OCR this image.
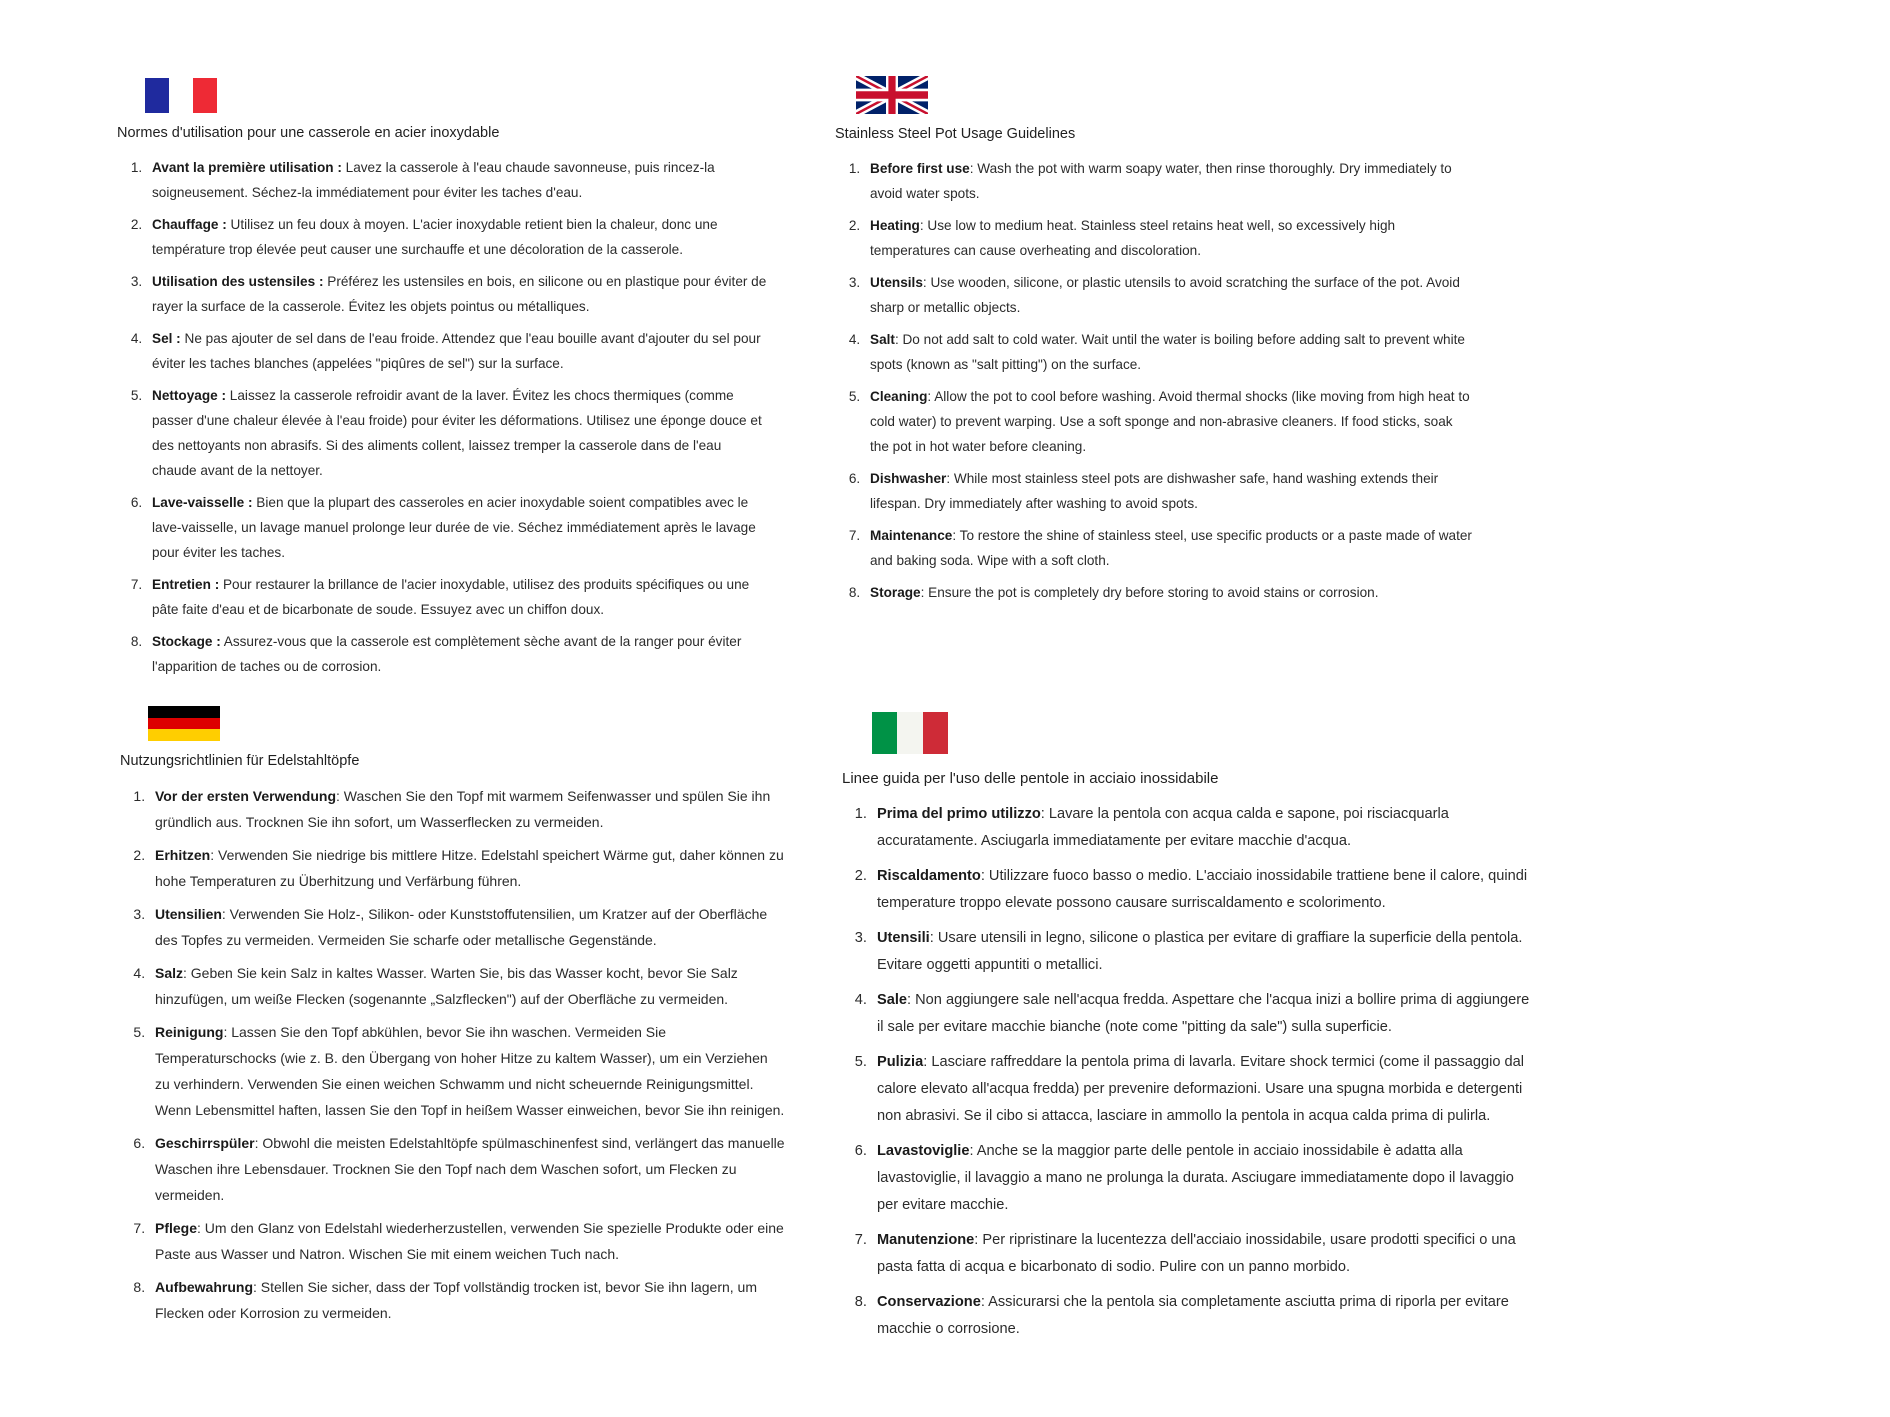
Normes d'utilisation pour une casserole en acier inoxydable
1. Avant la première utilisation : Lavez la casserole à l'eau chaude savonneuse, puis rincez-la soigneusement. Séchez-la immédiatement pour éviter les taches d'eau.
2. Chauffage : Utilisez un feu doux à moyen. L'acier inoxydable retient bien la chaleur, donc une température trop élevée peut causer une surchauffe et une décoloration de la casserole.
3. Utilisation des ustensiles : Préférez les ustensiles en bois, en silicone ou en plastique pour éviter de rayer la surface de la casserole. Évitez les objets pointus ou métalliques.
4. Sel : Ne pas ajouter de sel dans de l'eau froide. Attendez que l'eau bouille avant d'ajouter du sel pour éviter les taches blanches (appelées "piqûres de sel") sur la surface.
5. Nettoyage : Laissez la casserole refroidir avant de la laver. Évitez les chocs thermiques (comme passer d'une chaleur élevée à l'eau froide) pour éviter les déformations. Utilisez une éponge douce et des nettoyants non abrasifs. Si des aliments collent, laissez tremper la casserole dans de l'eau chaude avant de la nettoyer.
6. Lave-vaisselle : Bien que la plupart des casseroles en acier inoxydable soient compatibles avec le lave-vaisselle, un lavage manuel prolonge leur durée de vie. Séchez immédiatement après le lavage pour éviter les taches.
7. Entretien : Pour restaurer la brillance de l'acier inoxydable, utilisez des produits spécifiques ou une pâte faite d'eau et de bicarbonate de soude. Essuyez avec un chiffon doux.
8. Stockage : Assurez-vous que la casserole est complètement sèche avant de la ranger pour éviter l'apparition de taches ou de corrosion.
Stainless Steel Pot Usage Guidelines
1. Before first use: Wash the pot with warm soapy water, then rinse thoroughly. Dry immediately to avoid water spots.
2. Heating: Use low to medium heat. Stainless steel retains heat well, so excessively high temperatures can cause overheating and discoloration.
3. Utensils: Use wooden, silicone, or plastic utensils to avoid scratching the surface of the pot. Avoid sharp or metallic objects.
4. Salt: Do not add salt to cold water. Wait until the water is boiling before adding salt to prevent white spots (known as "salt pitting") on the surface.
5. Cleaning: Allow the pot to cool before washing. Avoid thermal shocks (like moving from high heat to cold water) to prevent warping. Use a soft sponge and non-abrasive cleaners. If food sticks, soak the pot in hot water before cleaning.
6. Dishwasher: While most stainless steel pots are dishwasher safe, hand washing extends their lifespan. Dry immediately after washing to avoid spots.
7. Maintenance: To restore the shine of stainless steel, use specific products or a paste made of water and baking soda. Wipe with a soft cloth.
8. Storage: Ensure the pot is completely dry before storing to avoid stains or corrosion.
Nutzungsrichtlinien für Edelstahltöpfe
1. Vor der ersten Verwendung: Waschen Sie den Topf mit warmem Seifenwasser und spülen Sie ihn gründlich aus. Trocknen Sie ihn sofort, um Wasserflecken zu vermeiden.
2. Erhitzen: Verwenden Sie niedrige bis mittlere Hitze. Edelstahl speichert Wärme gut, daher können zu hohe Temperaturen zu Überhitzung und Verfärbung führen.
3. Utensilien: Verwenden Sie Holz-, Silikon- oder Kunststoffutensilien, um Kratzer auf der Oberfläche des Topfes zu vermeiden. Vermeiden Sie scharfe oder metallische Gegenstände.
4. Salz: Geben Sie kein Salz in kaltes Wasser. Warten Sie, bis das Wasser kocht, bevor Sie Salz hinzufügen, um weiße Flecken (sogenannte „Salzflecken") auf der Oberfläche zu vermeiden.
5. Reinigung: Lassen Sie den Topf abkühlen, bevor Sie ihn waschen. Vermeiden Sie Temperaturschocks (wie z. B. den Übergang von hoher Hitze zu kaltem Wasser), um ein Verziehen zu verhindern. Verwenden Sie einen weichen Schwamm und nicht scheuernde Reinigungsmittel. Wenn Lebensmittel haften, lassen Sie den Topf in heißem Wasser einweichen, bevor Sie ihn reinigen.
6. Geschirrspüler: Obwohl die meisten Edelstahltöpfe spülmaschinenfest sind, verlängert das manuelle Waschen ihre Lebensdauer. Trocknen Sie den Topf nach dem Waschen sofort, um Flecken zu vermeiden.
7. Pflege: Um den Glanz von Edelstahl wiederherzustellen, verwenden Sie spezielle Produkte oder eine Paste aus Wasser und Natron. Wischen Sie mit einem weichen Tuch nach.
8. Aufbewahrung: Stellen Sie sicher, dass der Topf vollständig trocken ist, bevor Sie ihn lagern, um Flecken oder Korrosion zu vermeiden.
Linee guida per l'uso delle pentole in acciaio inossidabile
1. Prima del primo utilizzo: Lavare la pentola con acqua calda e sapone, poi risciacquarla accuratamente. Asciugarla immediatamente per evitare macchie d'acqua.
2. Riscaldamento: Utilizzare fuoco basso o medio. L'acciaio inossidabile trattiene bene il calore, quindi temperature troppo elevate possono causare surriscaldamento e scolorimento.
3. Utensili: Usare utensili in legno, silicone o plastica per evitare di graffiare la superficie della pentola. Evitare oggetti appuntiti o metallici.
4. Sale: Non aggiungere sale nell'acqua fredda. Aspettare che l'acqua inizi a bollire prima di aggiungere il sale per evitare macchie bianche (note come "pitting da sale") sulla superficie.
5. Pulizia: Lasciare raffreddare la pentola prima di lavarla. Evitare shock termici (come il passaggio dal calore elevato all'acqua fredda) per prevenire deformazioni. Usare una spugna morbida e detergenti non abrasivi. Se il cibo si attacca, lasciare in ammollo la pentola in acqua calda prima di pulirla.
6. Lavastoviglie: Anche se la maggior parte delle pentole in acciaio inossidabile è adatta alla lavastoviglie, il lavaggio a mano ne prolunga la durata. Asciugare immediatamente dopo il lavaggio per evitare macchie.
7. Manutenzione: Per ripristinare la lucentezza dell'acciaio inossidabile, usare prodotti specifici o una pasta fatta di acqua e bicarbonato di sodio. Pulire con un panno morbido.
8. Conservazione: Assicurarsi che la pentola sia completamente asciutta prima di riporla per evitare macchie o corrosione.
